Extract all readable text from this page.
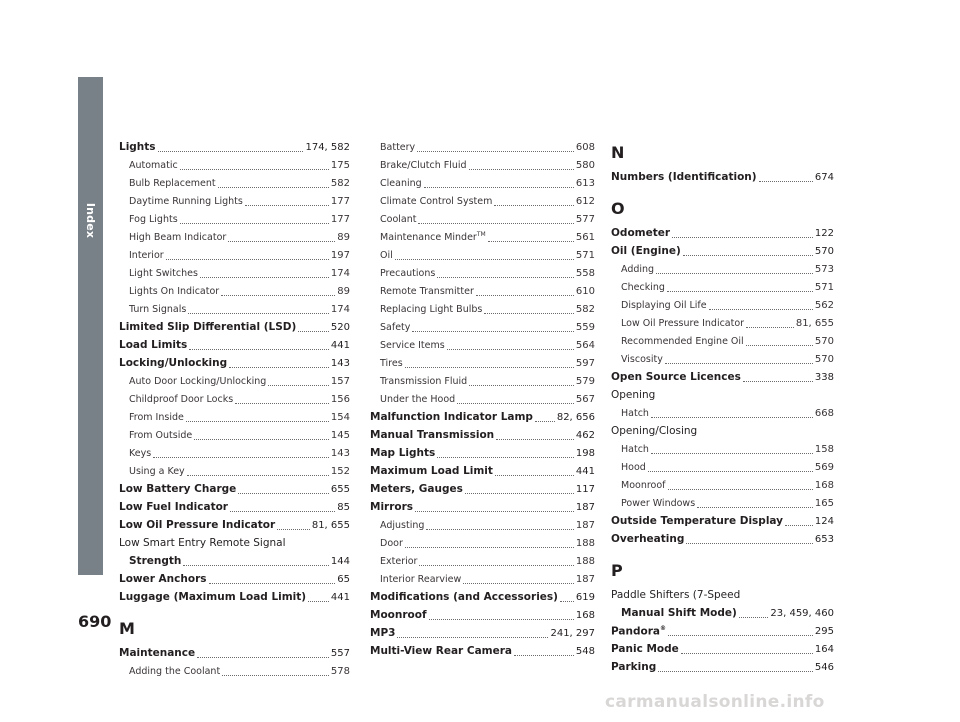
Index
Lights	174, 582
Automatic	175
Bulb Replacement	582
Daytime Running Lights	177
Fog Lights	177
High Beam Indicator	89
Interior	197
Light Switches	174
Lights On Indicator	89
Turn Signals	174
Limited Slip Differential (LSD)	520
Load Limits	441
Locking/Unlocking	143
Auto Door Locking/Unlocking	157
Childproof Door Locks	156
From Inside	154
From Outside	145
Keys	143
Using a Key	152
Low Battery Charge	655
Low Fuel Indicator	85
Low Oil Pressure Indicator	81, 655
Low Smart Entry Remote Signal
Strength	144
Lower Anchors	65
Luggage (Maximum Load Limit) 441
M
Maintenance	557
Adding the Coolant	578
Battery	608
Brake/Clutch Fluid	580
Cleaning	613
Climate Control System	612
Coolant	577
Maintenance Minder™	561
Oil	571
Precautions	558
Remote Transmitter	610
Replacing Light Bulbs	582
Safety	559
Service Items	564
Tires	597
Transmission Fluid	579
Under the Hood	567
Malfunction Indicator Lamp 82, 656
Manual Transmission	462
Map Lights	198
Maximum Load Limit	441
Meters, Gauges	117
Mirrors	187
Adjusting	187
Door	188
Exterior	188
Interior Rearview	187
Modifications (and Accessories) 619
Moonroof	168
MP3	241, 297
Multi-View Rear Camera	548
N
Numbers (Identification)	674
O
Odometer	122
Oil (Engine)	570
Adding	573
Checking	571
Displaying Oil Life	562
Low Oil Pressure Indicator	81, 655
Recommended Engine Oil	570
Viscosity	570
Open Source Licences	338
Opening
Hatch	668
Opening/Closing
Hatch	158
Hood	569
Moonroof	168
Power Windows	165
Outside Temperature Display	124
Overheating	653
P
Paddle Shifters (7-Speed
Manual Shift Mode)	23, 459, 460
Pandora®	295
Panic Mode	164
Parking	546
690
carmanualsonline.info
